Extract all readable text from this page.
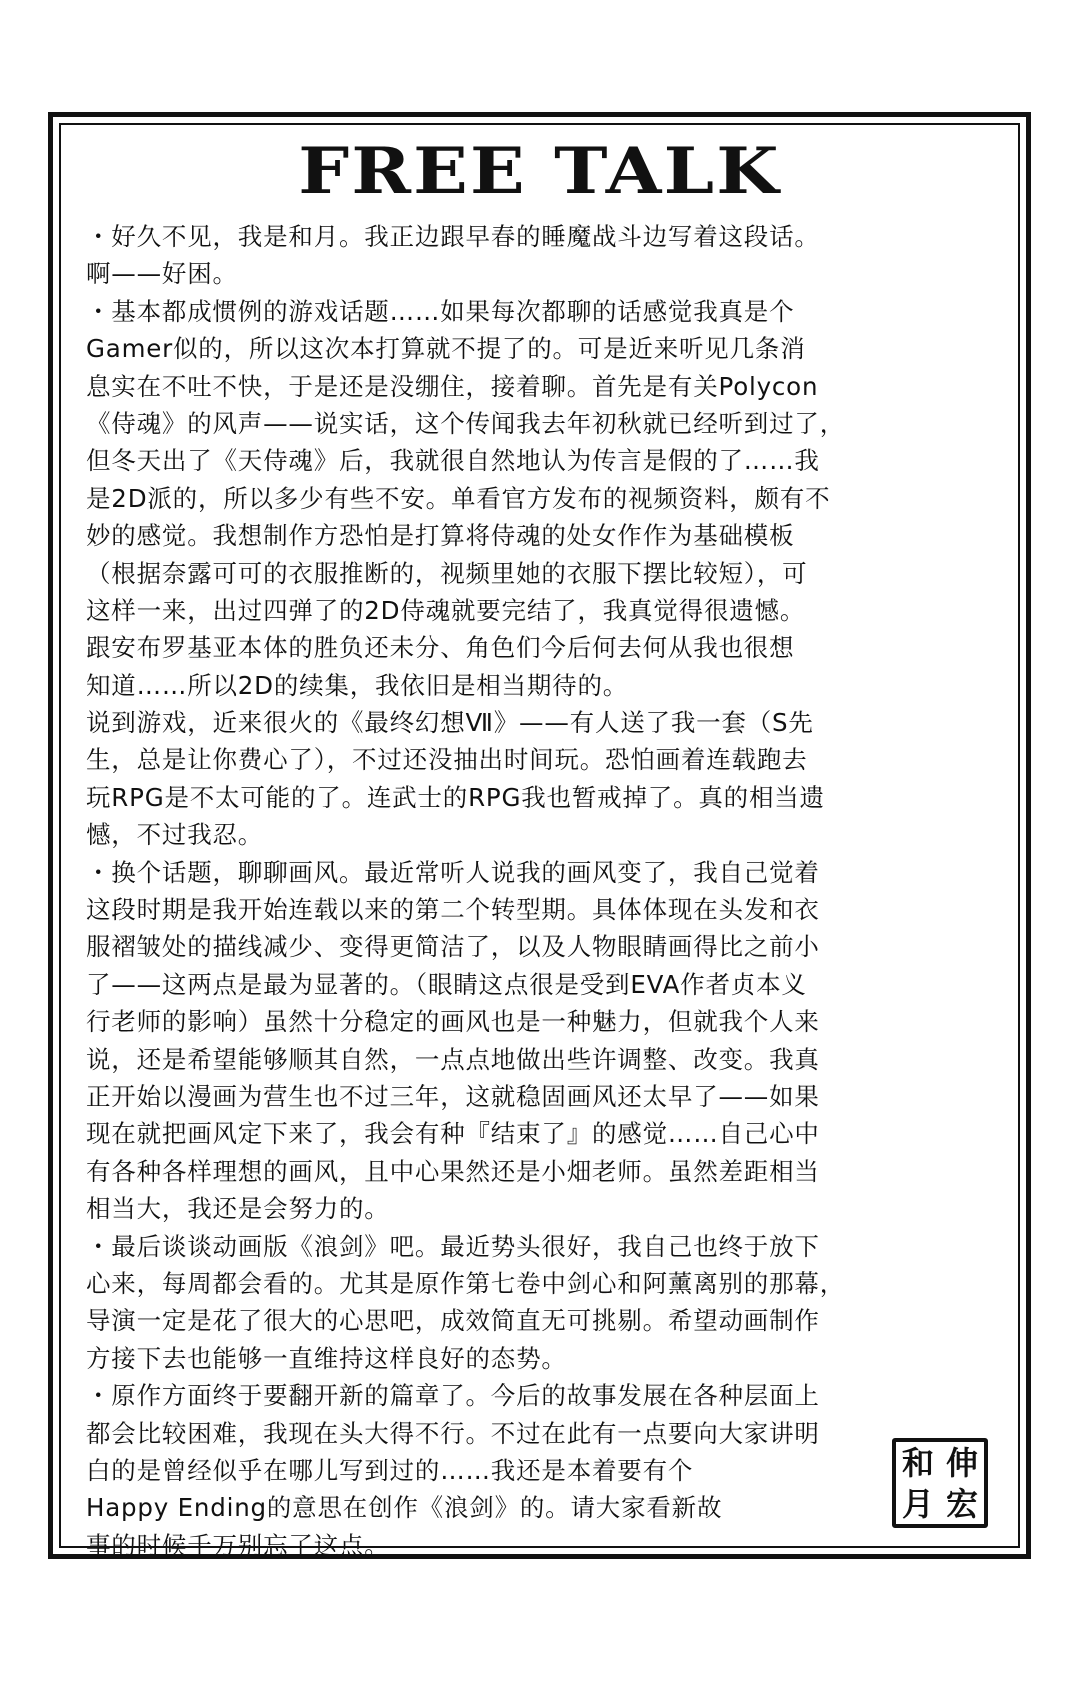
FREE TALK
・好久不见，我是和月。我正边跟早春的睡魔战斗边写着这段话。
啊——好困。
・基本都成惯例的游戏话题……如果每次都聊的话感觉我真是个
Gamer似的，所以这次本打算就不提了的。可是近来听见几条消
息实在不吐不快，于是还是没绷住，接着聊。首先是有关Polycon
《侍魂》的风声——说实话，这个传闻我去年初秋就已经听到过了，
但冬天出了《天侍魂》后，我就很自然地认为传言是假的了……我
是2D派的，所以多少有些不安。单看官方发布的视频资料，颇有不
妙的感觉。我想制作方恐怕是打算将侍魂的处女作作为基础模板
（根据奈露可可的衣服推断的，视频里她的衣服下摆比较短），可
这样一来，出过四弹了的2D侍魂就要完结了，我真觉得很遗憾。
跟安布罗基亚本体的胜负还未分、角色们今后何去何从我也很想
知道……所以2D的续集，我依旧是相当期待的。
说到游戏，近来很火的《最终幻想Ⅶ》——有人送了我一套（S先
生，总是让你费心了），不过还没抽出时间玩。恐怕画着连载跑去
玩RPG是不太可能的了。连武士的RPG我也暂戒掉了。真的相当遗
憾，不过我忍。
・换个话题，聊聊画风。最近常听人说我的画风变了，我自己觉着
这段时期是我开始连载以来的第二个转型期。具体体现在头发和衣
服褶皱处的描线减少、变得更简洁了，以及人物眼睛画得比之前小
了——这两点是最为显著的。（眼睛这点很是受到EVA作者贞本义
行老师的影响）虽然十分稳定的画风也是一种魅力，但就我个人来
说，还是希望能够顺其自然，一点点地做出些许调整、改变。我真
正开始以漫画为营生也不过三年，这就稳固画风还太早了——如果
现在就把画风定下来了，我会有种『结束了』的感觉……自己心中
有各种各样理想的画风，且中心果然还是小畑老师。虽然差距相当
相当大，我还是会努力的。
・最后谈谈动画版《浪剑》吧。最近势头很好，我自己也终于放下
心来，每周都会看的。尤其是原作第七卷中剑心和阿薰离别的那幕，
导演一定是花了很大的心思吧，成效简直无可挑剔。希望动画制作
方接下去也能够一直维持这样良好的态势。
・原作方面终于要翻开新的篇章了。今后的故事发展在各种层面上
都会比较困难，我现在头大得不行。不过在此有一点要向大家讲明
白的是曾经似乎在哪儿写到过的……我还是本着要有个
Happy Ending的意思在创作《浪剑》的。请大家看新故
事的时候千万别忘了这点。
和 伸
月 宏
